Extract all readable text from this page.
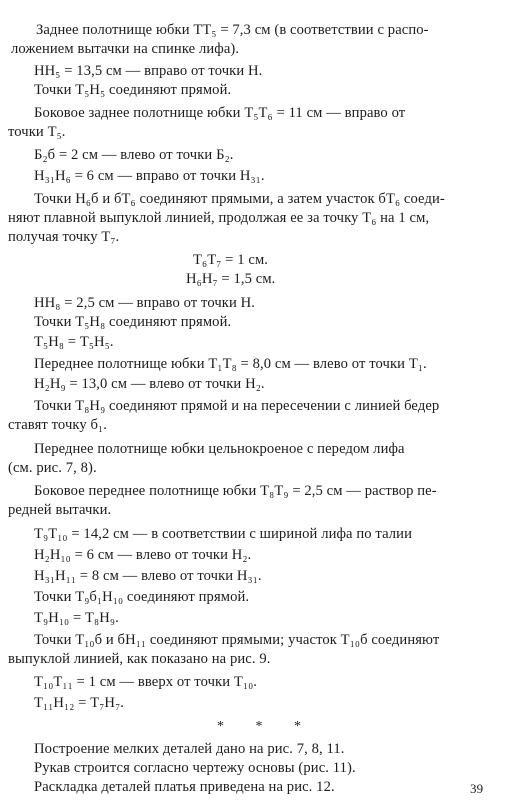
Заднее полотнище юбки ТТ₅ = 7,3 см (в соответствии с распо-
ложением вытачки на спинке лифа).
НН₅ = 13,5 см — вправо от точки Н.
Точки Т₅Н₅ соединяют прямой.
Боковое заднее полотнище юбки Т₅Т₆ = 11 см — вправо от
точки Т₅.
Б₂б = 2 см — влево от точки Б₂.
Н₃₁Н₆ = 6 см — вправо от точки Н₃₁.
Точки Н₆б и бТ₆ соединяют прямыми, а затем участок бТ₆ соеди-
няют плавной выпуклой линией, продолжая ее за точку Т₆ на 1 см,
получая точку Т₇.
Т₆Т₇ = 1 см.
Н₆Н₇ = 1,5 см.
НН₈ = 2,5 см — вправо от точки Н.
Точки Т₅Н₈ соединяют прямой.
Т₅Н₈ = Т₅Н₅.
Переднее полотнище юбки Т₁Т₈ = 8,0 см — влево от точки Т₁.
Н₂Н₉ = 13,0 см — влево от точки Н₂.
Точки Т₈Н₉ соединяют прямой и на пересечении с линией бедер
ставят точку б₁.
Переднее полотнище юбки цельнокроеное с передом лифа
(см. рис. 7, 8).
Боковое переднее полотнище юбки Т₈Т₉ = 2,5 см — раствор пе-
редней вытачки.
Т₉Т₁₀ = 14,2 см — в соответствии с шириной лифа по талии
Н₂Н₁₀ = 6 см — влево от точки Н₂.
Н₃₁Н₁₁ = 8 см — влево от точки Н₃₁.
Точки Т₉б₁Н₁₀ соединяют прямой.
Т₉Н₁₀ = Т₈Н₉.
Точки Т₁₀б и бН₁₁ соединяют прямыми; участок Т₁₀б соединяют
выпуклой линией, как показано на рис. 9.
Т₁₀Т₁₁ = 1 см — вверх от точки Т₁₀.
Т₁₁Н₁₂ = Т₇Н₇.
* * *
Построение мелких деталей дано на рис. 7, 8, 11.
Рукав строится согласно чертежу основы (рис. 11).
Раскладка деталей платья приведена на рис. 12.	39
